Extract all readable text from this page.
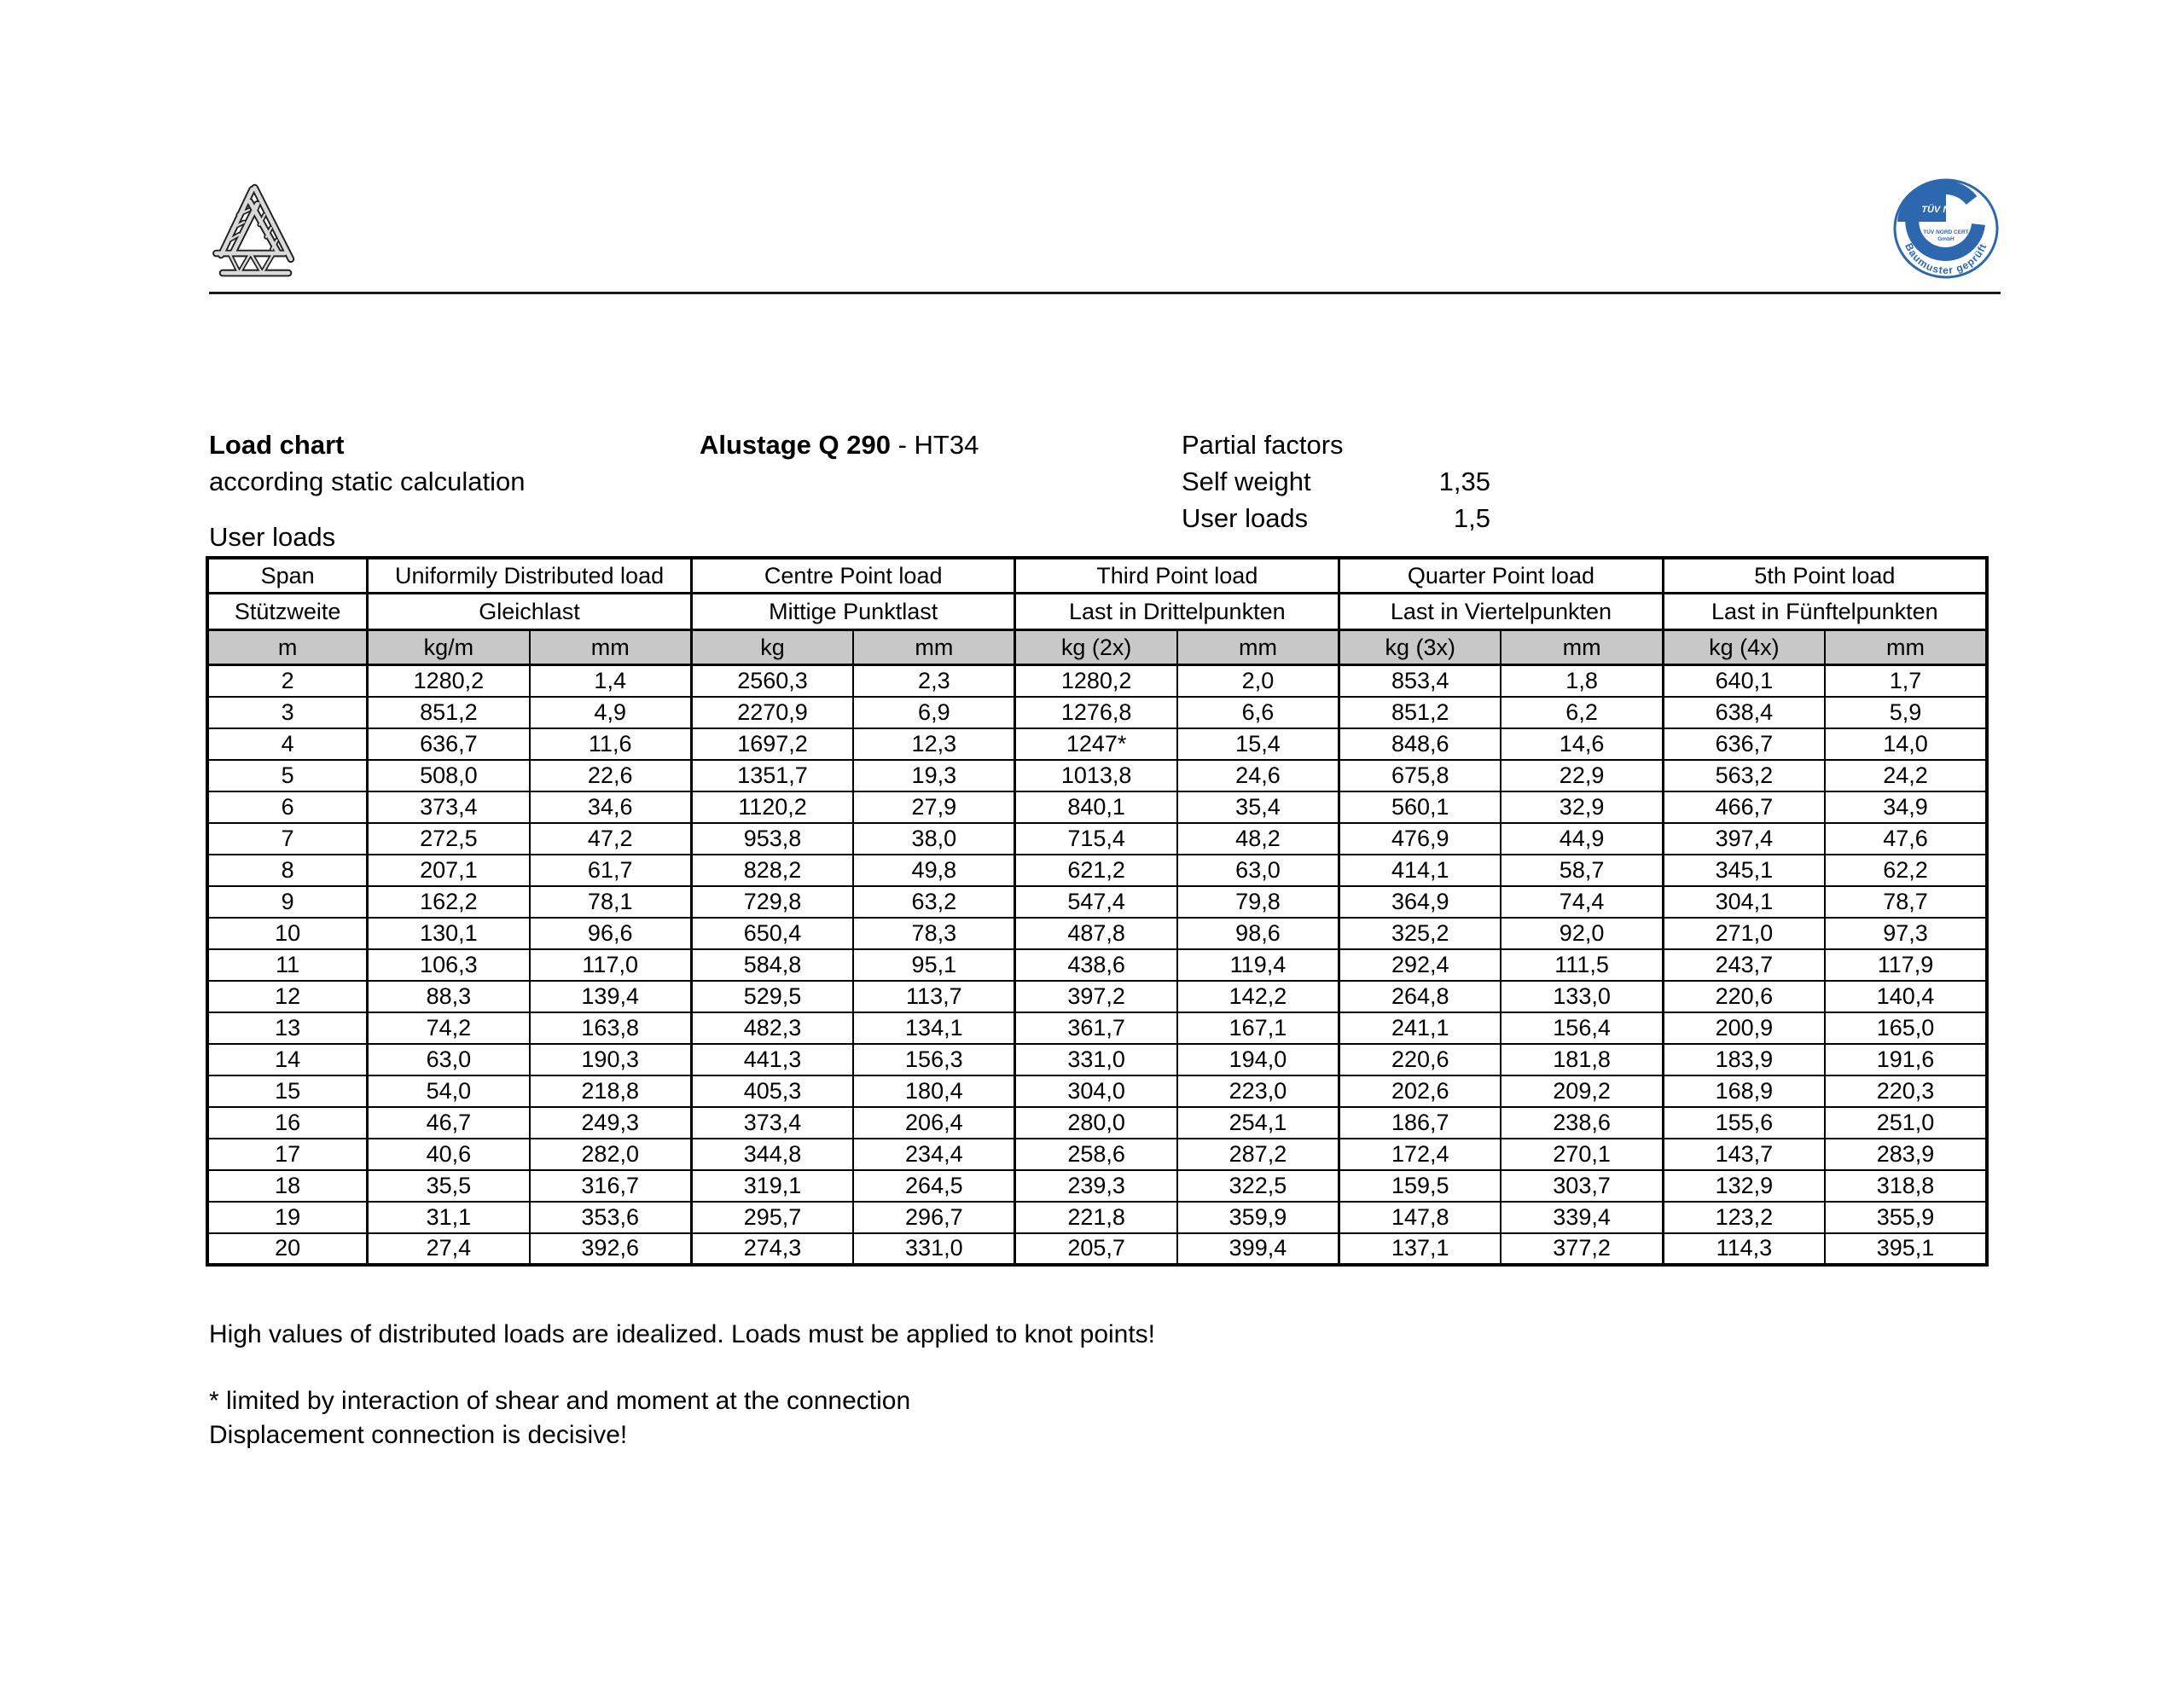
TÜV NORD
TÜV NORD CERT
GmbH
Baumuster geprüft
Load chart
according static calculation
Alustage Q 290 - HT34	Partial factors
Self weight	1,35
User loads	1,5
User loads
Span	Uniformily Distributed load		Centre Point load		Third Point load		Quarter Point load		5th Point load	
Stützweite	Gleichlast		Mittige Punktlast		Last in Drittelpunkten		Last in Viertelpunkten		Last in Fünftelpunkten	
m	kg/m	mm	kg	mm	kg (2x)	mm	kg (3x)	mm	kg (4x)	mm
2	1280,2	1,4	2560,3	2,3	1280,2	2,0	853,4	1,8	640,1	1,7
3	851,2	4,9	2270,9	6,9	1276,8	6,6	851,2	6,2	638,4	5,9
4	636,7	11,6	1697,2	12,3	1247*	15,4	848,6	14,6	636,7	14,0
5	508,0	22,6	1351,7	19,3	1013,8	24,6	675,8	22,9	563,2	24,2
6	373,4	34,6	1120,2	27,9	840,1	35,4	560,1	32,9	466,7	34,9
7	272,5	47,2	953,8	38,0	715,4	48,2	476,9	44,9	397,4	47,6
8	207,1	61,7	828,2	49,8	621,2	63,0	414,1	58,7	345,1	62,2
9	162,2	78,1	729,8	63,2	547,4	79,8	364,9	74,4	304,1	78,7
10	130,1	96,6	650,4	78,3	487,8	98,6	325,2	92,0	271,0	97,3
11	106,3	117,0	584,8	95,1	438,6	119,4	292,4	111,5	243,7	117,9
12	88,3	139,4	529,5	113,7	397,2	142,2	264,8	133,0	220,6	140,4
13	74,2	163,8	482,3	134,1	361,7	167,1	241,1	156,4	200,9	165,0
14	63,0	190,3	441,3	156,3	331,0	194,0	220,6	181,8	183,9	191,6
15	54,0	218,8	405,3	180,4	304,0	223,0	202,6	209,2	168,9	220,3
16	46,7	249,3	373,4	206,4	280,0	254,1	186,7	238,6	155,6	251,0
17	40,6	282,0	344,8	234,4	258,6	287,2	172,4	270,1	143,7	283,9
18	35,5	316,7	319,1	264,5	239,3	322,5	159,5	303,7	132,9	318,8
19	31,1	353,6	295,7	296,7	221,8	359,9	147,8	339,4	123,2	355,9
20	27,4	392,6	274,3	331,0	205,7	399,4	137,1	377,2	114,3	395,1
High values of distributed loads are idealized. Loads must be applied to knot points!
* limited by interaction of shear and moment at the connection
Displacement connection is decisive!
